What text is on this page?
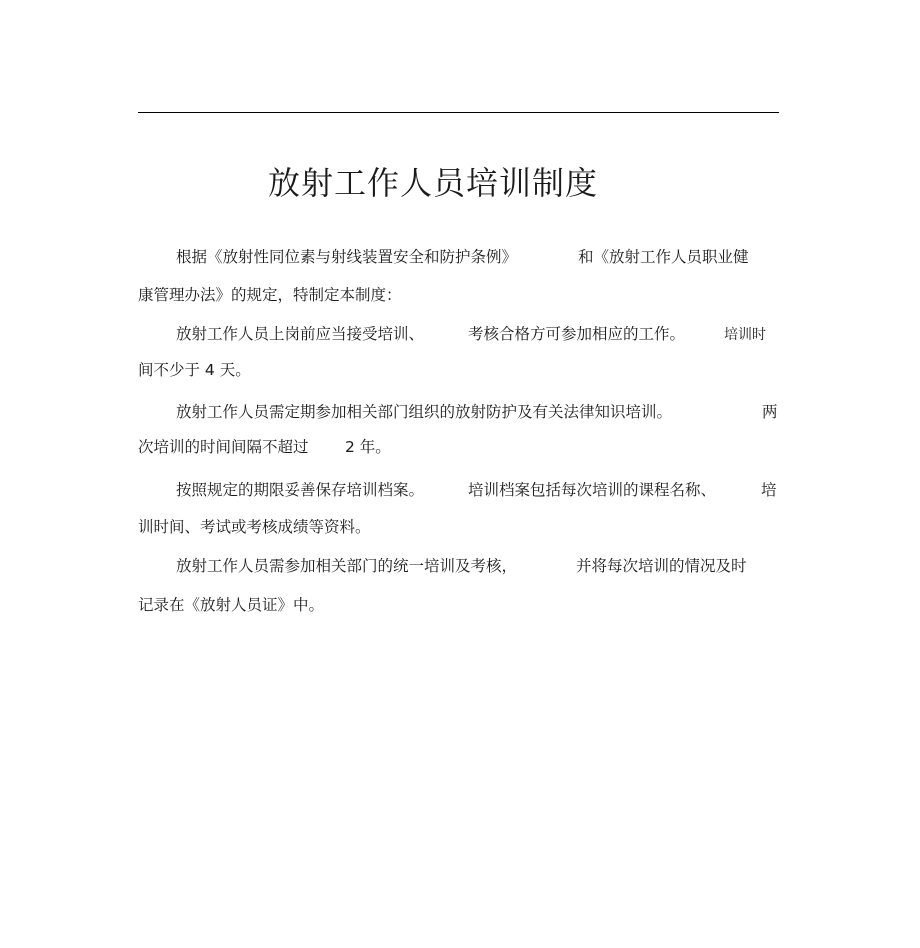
放射工作人员培训制度
根据《放射性同位素与射线装置安全和防护条例》	和《放射工作人员职业健
康管理办法》的规定，特制定本制度：
放射工作人员上岗前应当接受培训、	考核合格方可参加相应的工作。	培训时
间不少于 4 天。
放射工作人员需定期参加相关部门组织的放射防护及有关法律知识培训。	两
次培训的时间间隔不超过 2 年。
按照规定的期限妥善保存培训档案。	培训档案包括每次培训的课程名称、	培
训时间、考试或考核成绩等资料。
放射工作人员需参加相关部门的统一培训及考核，	并将每次培训的情况及时
记录在《放射人员证》中。
